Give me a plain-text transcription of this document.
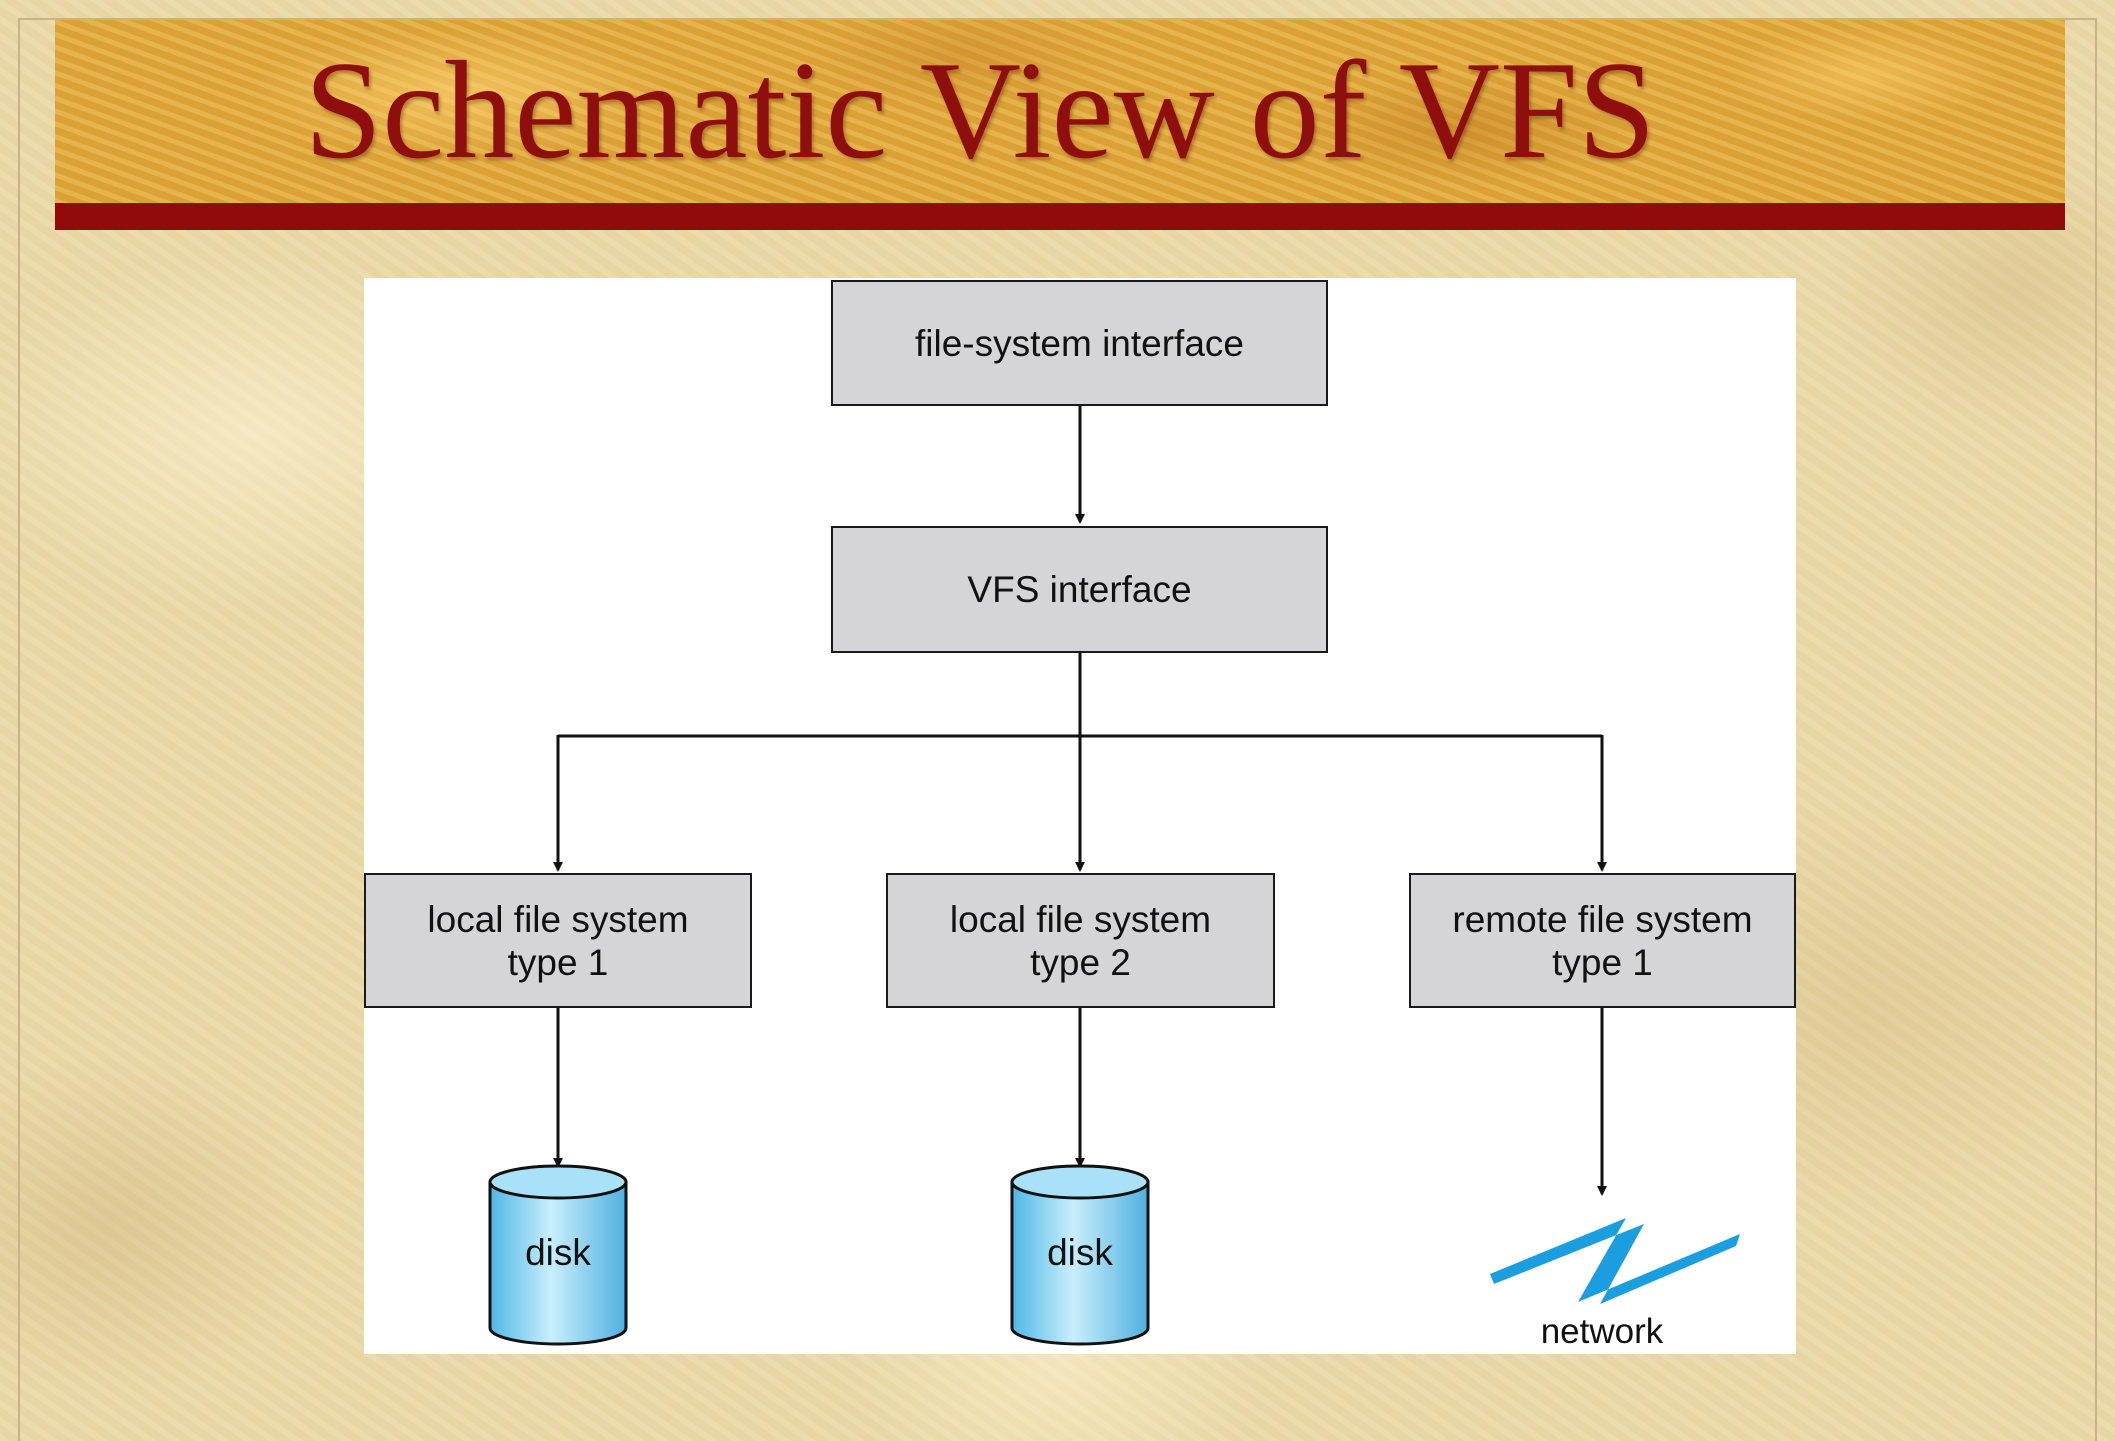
Schematic View of VFS
file-system interface
VFS interface
local file system
type 1
local file system
type 2
remote file system
type 1
disk	disk
network
